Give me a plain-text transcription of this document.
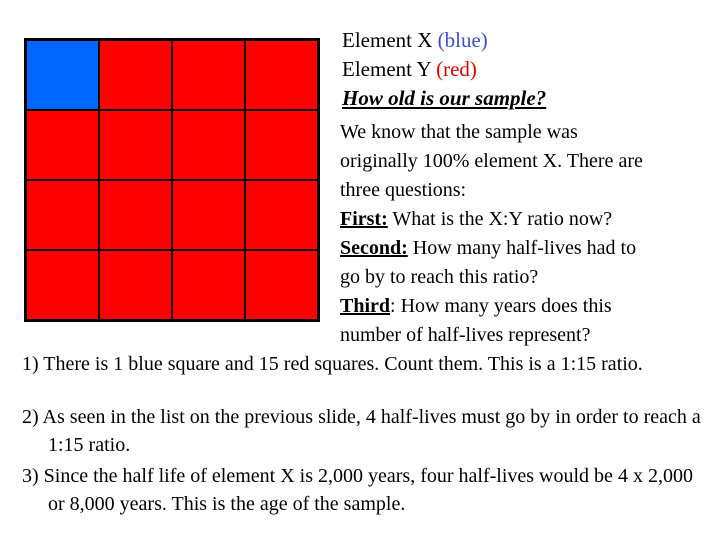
Element X (blue)
Element Y (red)
How old is our sample?
We know that the sample was
originally 100% element X. There are
three questions:
First: What is the X:Y ratio now?
Second: How many half-lives had to
go by to reach this ratio?
Third: How many years does this
number of half-lives represent?
1) There is 1 blue square and 15 red squares. Count them. This is a 1:15 ratio.
2) As seen in the list on the previous slide, 4 half-lives must go by in order to reach a 1:15 ratio.
3) Since the half life of element X is 2,000 years, four half-lives would be 4 x 2,000 or 8,000 years. This is the age of the sample.
